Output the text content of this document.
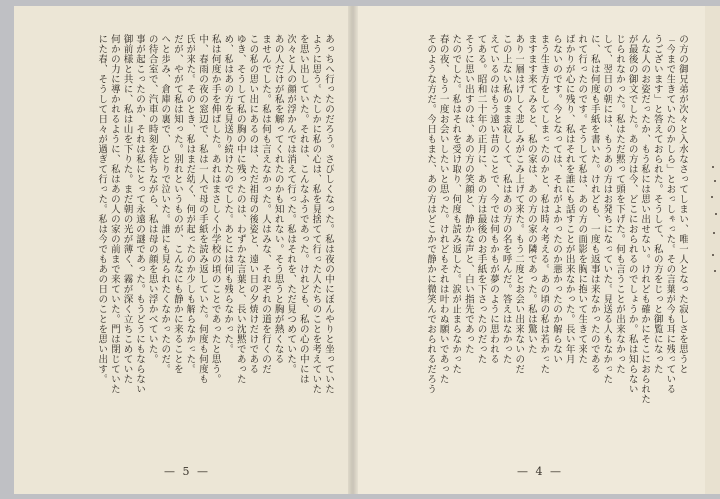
あっちへ行ったのだろう。さびしくなった。私は夜の中にぼんやりと坐っていた
ように思う。たしかに私の心は、私を見捨てて行った人たちのことを考えていた
を思い出していた。それは、こんなふうであった。けれども、私の心の中には
次々と人の顔が浮かんでは消えて行った。私はそれを、ただ見つめていた。
あの人だけが私を解ってくれたのかも知れない。そう思うと胸が熱くなる
ませんでした。私は何も言えなかった。人はみな、それぞれの道を行くのだ
この私の思い出にあるのは、ただ祖母の後姿と、遠い日の夕焼けだけである
ゆき、そうして私の胸の中に残ったのは、わずかな言葉と、長い沈黙であった
め、私はあの方を見送り続けたのでした。あとには何も残らなかった。
私は何度か手を伸ばした。あれはまさしく小学校の頃のことであったと思う。
中、春雨の夜の窓辺で、私は一人で母の手紙を読み返していた。何度も何度も
氏が来た。そのとき、私はまだ幼く、何が起ったのか少しも解らなかった。
だが、やがて私は知った。別れというものが、こんなにも静かに来ることを
へと歩み、倉庫の裏で、ひとりで泣いた。誰にも見られたくなかったのだ。
の待合室で、汽車の時刻を待ちながら、私は母の顔を思い浮かべていた。
事が起こったのか、それは私にとって永遠の謎であった。もうどうにもならない
御前様と共に、私は山を下りた。まだ朝の光が薄く、霧が深く立ちこめていた
何かの力に導かれるように、私はあの人の家の前まで来ていた。門は閉じていた
にた春、そうして日々が過ぎて行った。私は今でもあの日のことを思い出す。
— 5 —
の方の御兄弟が次々と入水なさってしまい、唯一人となった寂しさを思うと
「今まで生きていたのかしら」とおっしゃった。その言葉が今も耳に残っている
うございます」と答えておられた。そうして、私の方をじっと御覧になった
んな人のお姿だったか、もう私には思い出せない。けれども確かにそこにおられた
が最後の御文でした。あの方は今、どこにおられるのでしょうか。私は知らない
じられなかった。私はただ黙って頭を下げた。何も言うことが出来なかった
して、翌日の朝には、もうあの方はお発ちになっていた。見送る人もなかった
に、私は何度も手紙を書いた。けれども、一度も返事は来なかったのである
れて行ったのです。そうして私は、あの方の面影を胸に抱いて生きて来た
ばかりが心に残り、私はそれを誰にも話すことが出来なかった。長い年月
らないのです。今となっては、それがよかったのか悪かったのか解らない
まう生き方をしてしまったのかと、私は時々考える。あの頃の私は若かった
ますます来てみると、私の家は、あの方の家の隣であった。私は驚いた
あり一層はげしく悲しみがこみ上げて来た。もう二度とお会い出来ないのだ
この上ない私のまま寂しくて、私はあの方の名を呼んだ。答えはなかった
えているのはもう遠い昔のことで、今では何もかもが夢のように思われる
てある。昭和二十年の正月に、あの方は最後のお手紙を下さったのだった
そうに思い出すのは、あの方の笑顔と、静かな声と、白い指先であった
たのでした。私はそれを受け取り、何度も読み返した。涙が止まらなかった
春の夜、もう一度お会いしたいと思った。けれどもそれは叶わぬ願いであった
そのような方だ。今日もまた、あの方はどこかで静かに微笑んでおられるだろう
— 4 —
